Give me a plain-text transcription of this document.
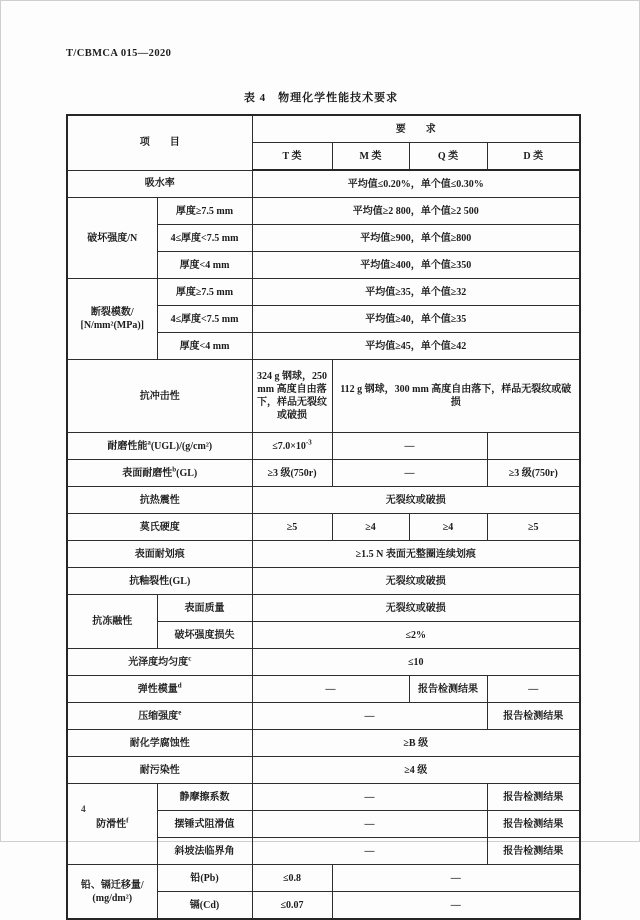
T/CBMCA 015—2020
表 4　物理化学性能技术要求
项　　目		要　　求			
		T 类	M 类	Q 类	D 类
吸水率		平均值≤0.20%，单个值≤0.30%			
破坏强度/N	厚度≥7.5 mm	平均值≥2 800，单个值≥2 500			
	4≤厚度<7.5 mm	平均值≥900，单个值≥800			
	厚度<4 mm	平均值≥400，单个值≥350			

断裂模数/
[N/mm²(MPa)]	厚度≥7.5 mm	平均值≥35，单个值≥32			
	4≤厚度<7.5 mm	平均值≥40，单个值≥35			
	厚度<4 mm	平均值≥45，单个值≥42			
抗冲击性		324 g 钢球，250 mm 高度自由落下，样品无裂纹或破损	112 g 钢球，300 mm 高度自由落下，样品无裂纹或破损		
耐磨性能$^a$(UGL)/(g/cm²)		$\le 7.0\times 10^{-3}$	—		
表面耐磨性$^b$(GL)		≥3 级(750r)	—		≥3 级(750r)
抗热震性		无裂纹或破损			
莫氏硬度		≥5	≥4	≥4	≥5
表面耐划痕		≥1.5 N 表面无整圈连续划痕			
抗釉裂性(GL)		无裂纹或破损			
抗冻融性	表面质量	无裂纹或破损			
	破坏强度损失	≤2%			
光泽度均匀度$^c$		≤10			
弹性模量$^d$		—		报告检测结果	—
压缩强度$^e$		—			报告检测结果
耐化学腐蚀性		≥B 级			
耐污染性		≥4 级			
防滑性$^f$	静摩擦系数	—			报告检测结果
	摆锤式阻滑值	—			报告检测结果
	斜坡法临界角	—			报告检测结果

铅、镉迁移量/
(mg/dm²)	铅(Pb)	≤0.8	—		
	镉(Cd)	≤0.07	—		
4
